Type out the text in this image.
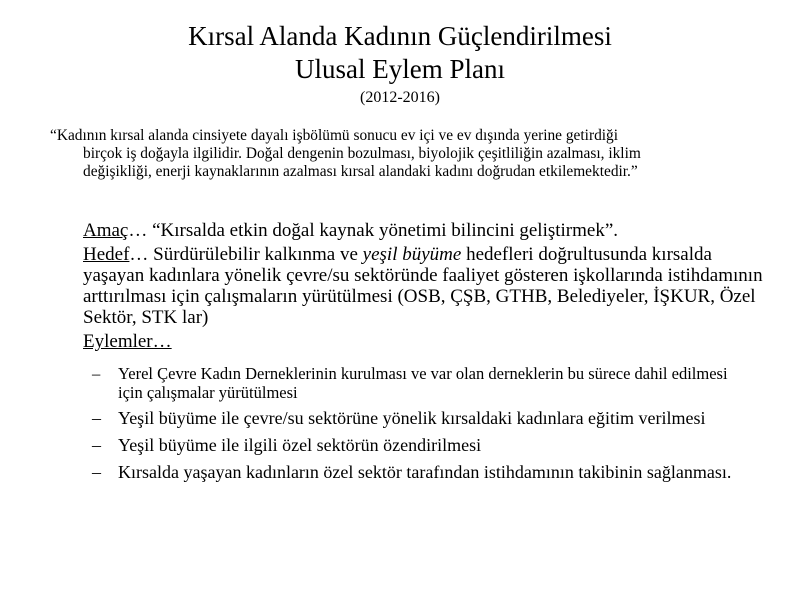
Kırsal Alanda Kadının Güçlendirilmesi
Ulusal Eylem Planı
(2012-2016)
“Kadının kırsal alanda cinsiyete dayalı işbölümü sonucu ev içi ve ev dışında yerine getirdiği
birçok iş doğayla ilgilidir. Doğal dengenin bozulması, biyolojik çeşitliliğin azalması, iklim
değişikliği, enerji kaynaklarının azalması kırsal alandaki kadını doğrudan etkilemektedir.”

Amaç… “Kırsalda etkin doğal kaynak yönetimi bilincini geliştirmek”.

Hedef… Sürdürülebilir kalkınma ve yeşil büyüme hedefleri doğrultusunda kırsalda yaşayan kadınlara yönelik çevre/su sektöründe faaliyet gösteren işkollarında istihdamının arttırılması için çalışmaların yürütülmesi (OSB, ÇŞB, GTHB, Belediyeler, İŞKUR, Özel Sektör, STK lar)

Eylemler…

– Yerel Çevre Kadın Derneklerinin kurulması ve var olan derneklerin bu sürece dahil edilmesi için çalışmalar yürütülmesi
– Yeşil büyüme ile çevre/su sektörüne yönelik kırsaldaki kadınlara eğitim verilmesi
– Yeşil büyüme ile ilgili özel sektörün özendirilmesi
– Kırsalda yaşayan kadınların özel sektör tarafından istihdamının takibinin sağlanması.
